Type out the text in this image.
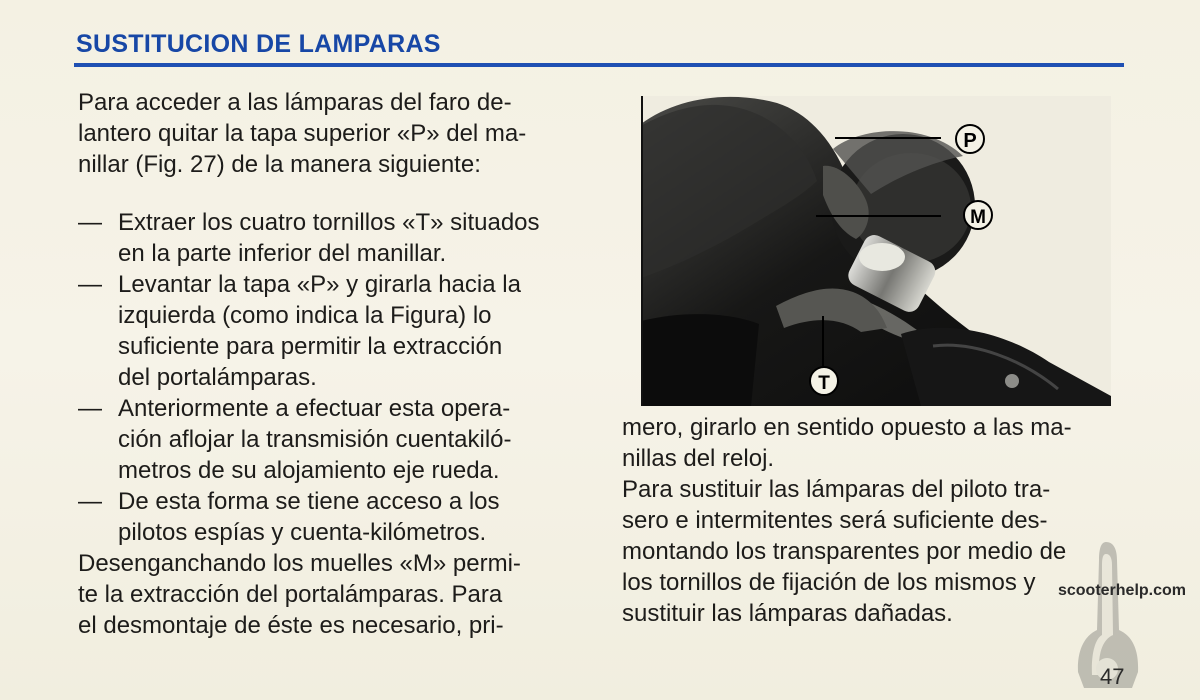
SUSTITUCION DE LAMPARAS
Para acceder a las lámparas del faro de-
lantero quitar la tapa superior «P» del ma-
nillar (Fig. 27) de la manera siguiente:
— Extraer los cuatro tornillos «T» situados
en la parte inferior del manillar.
— Levantar la tapa «P» y girarla hacia la
izquierda (como indica la Figura) lo
suficiente para permitir la extracción
del portalámparas.
— Anteriormente a efectuar esta opera-
ción aflojar la transmisión cuentakiló-
metros de su alojamiento eje rueda.
— De esta forma se tiene acceso a los
pilotos espías y cuenta-kilómetros.
Desenganchando los muelles «M» permi-
te la extracción del portalámparas. Para
el desmontaje de éste es necesario, pri-
P
M
T
mero, girarlo en sentido opuesto a las ma-
nillas del reloj.
Para sustituir las lámparas del piloto tra-
sero e intermitentes será suficiente des-
montando los transparentes por medio de
los tornillos de fijación de los mismos y
sustituir las lámparas dañadas.
scooterhelp.com
47
